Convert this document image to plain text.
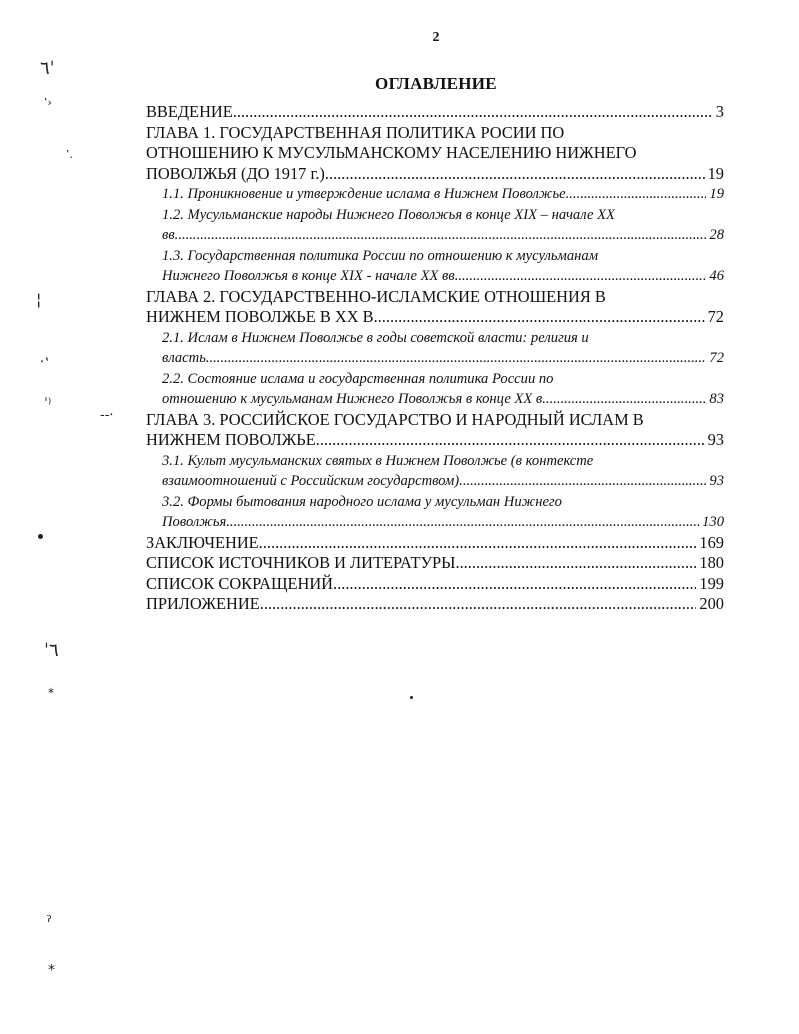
2
ОГЛАВЛЕНИЕ
ВВЕДЕНИЕ .....	3
ГЛАВА 1. ГОСУДАРСТВЕННАЯ ПОЛИТИКА РОСИИ ПО
ОТНОШЕНИЮ К МУСУЛЬМАНСКОМУ НАСЕЛЕНИЮ НИЖНЕГО
ПОВОЛЖЬЯ (ДО 1917 г.) .....	19
1.1. Проникновение и утверждение ислама в Нижнем Поволжье .....	19
1.2. Мусульманские народы Нижнего Поволжья в конце XIX – начале XX
вв. .....	28
1.3. Государственная политика России по отношению к мусульманам
Нижнего Поволжья в конце XIX - начале XX вв. .....	46
ГЛАВА 2. ГОСУДАРСТВЕННО-ИСЛАМСКИЕ ОТНОШЕНИЯ В
НИЖНЕМ ПОВОЛЖЬЕ В XX В. .....	72
2.1. Ислам в Нижнем Поволжье в годы советской власти: религия и
власть .....	72
2.2. Состояние ислама и государственная политика России по
отношению к мусульманам Нижнего Поволжья в конце XX в. .....	83
ГЛАВА 3. РОССИЙСКОЕ ГОСУДАРСТВО И НАРОДНЫЙ ИСЛАМ В
НИЖНЕМ ПОВОЛЖЬЕ .....	93
3.1. Культ мусульманских святых в Нижнем Поволжье (в контексте
взаимоотношений с Российским государством) .....	93
3.2. Формы бытования народного ислама у мусульман Нижнего
Поволжья .....	130
ЗАКЛЮЧЕНИЕ .....	169
СПИСОК ИСТОЧНИКОВ И ЛИТЕРАТУРЫ .....	180
СПИСОК СОКРАЩЕНИЙ .....	199
ПРИЛОЖЕНИЕ .....	200
٦ˈ
‛›
‛.
¦
ˑ‛
ˈ⁾
‐‐·
ˈ٦
⁎
ˀ
⁎
